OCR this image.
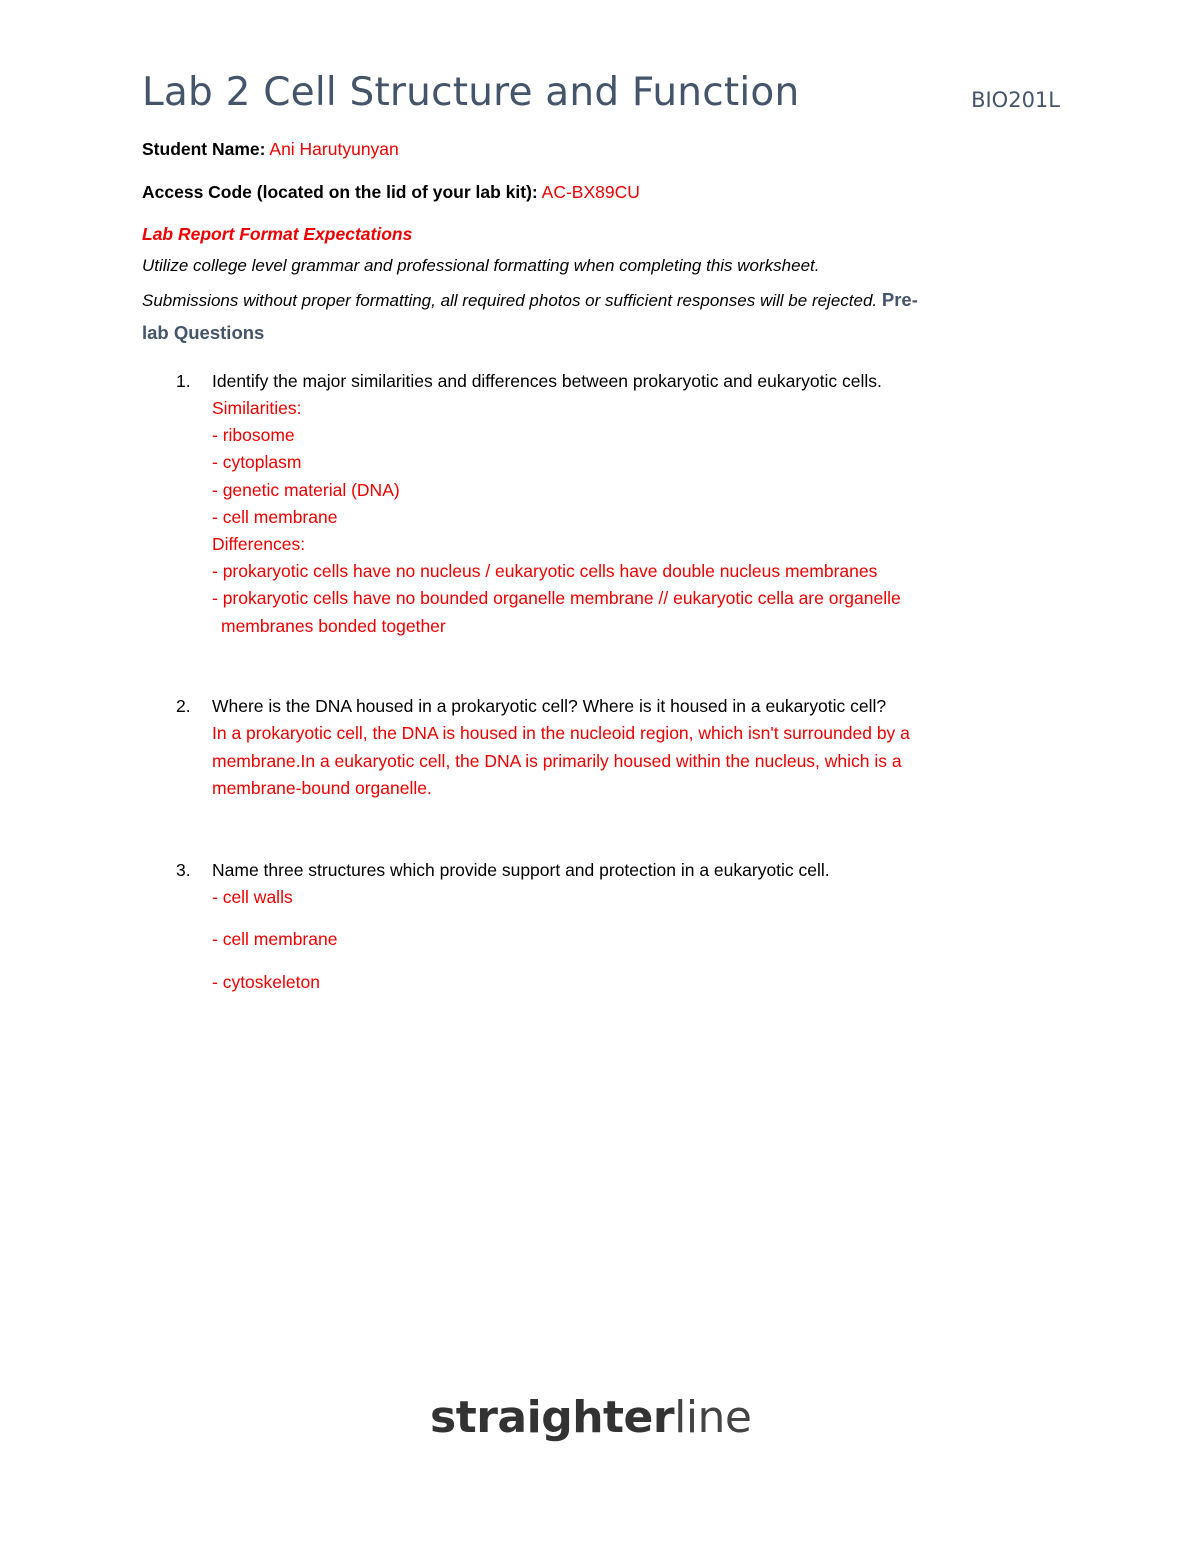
Lab 2 Cell Structure and Function	BIO201L
Student Name: Ani Harutyunyan
Access Code (located on the lid of your lab kit): AC-BX89CU
Lab Report Format Expectations
Utilize college level grammar and professional formatting when completing this worksheet.
Submissions without proper formatting, all required photos or sufficient responses will be rejected. Pre-
lab Questions
1. Identify the major similarities and differences between prokaryotic and eukaryotic cells.
Similarities:
- ribosome
- cytoplasm
- genetic material (DNA)
- cell membrane
Differences:
- prokaryotic cells have no nucleus / eukaryotic cells have double nucleus membranes
- prokaryotic cells have no bounded organelle membrane // eukaryotic cella are organelle
membranes bonded together
2. Where is the DNA housed in a prokaryotic cell? Where is it housed in a eukaryotic cell?
In a prokaryotic cell, the DNA is housed in the nucleoid region, which isn't surrounded by a
membrane.In a eukaryotic cell, the DNA is primarily housed within the nucleus, which is a
membrane-bound organelle.
3. Name three structures which provide support and protection in a eukaryotic cell.
- cell walls
- cell membrane
- cytoskeleton
straighterline
